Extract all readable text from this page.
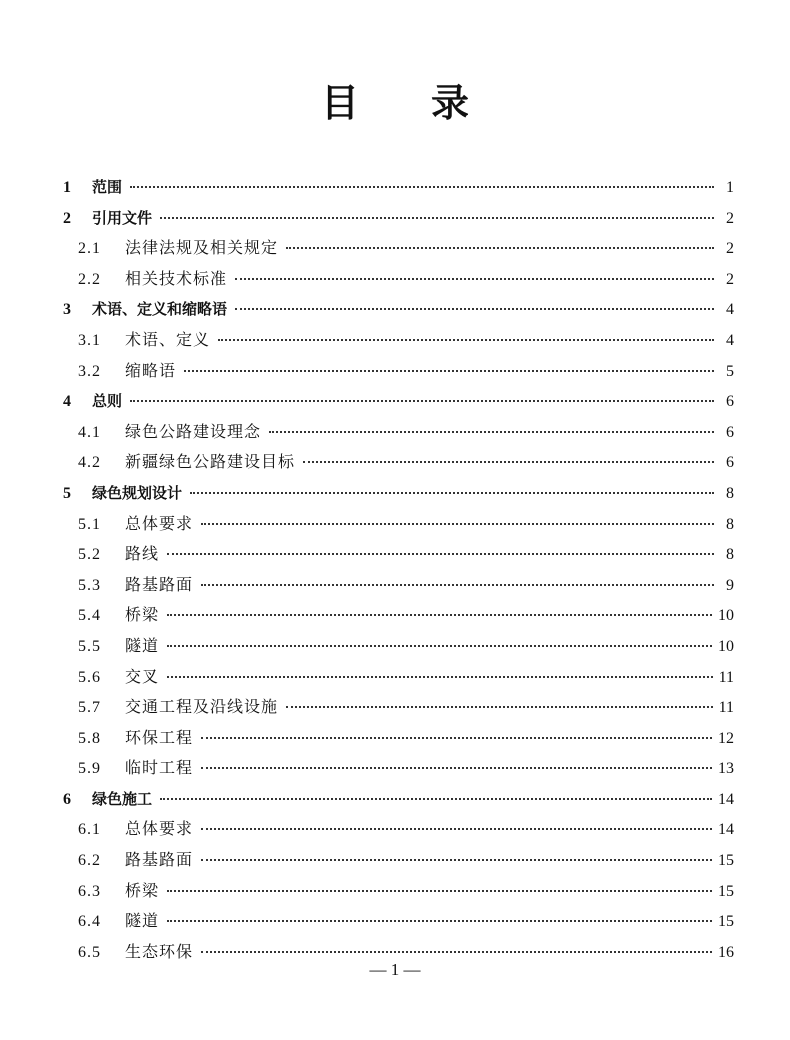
目 录
1	范围	1
2	引用文件	2
2.1	法律法规及相关规定	2
2.2	相关技术标准	2
3	术语、定义和缩略语	4
3.1	术语、定义	4
3.2	缩略语	5
4	总则	6
4.1	绿色公路建设理念	6
4.2	新疆绿色公路建设目标	6
5	绿色规划设计	8
5.1	总体要求	8
5.2	路线	8
5.3	路基路面	9
5.4	桥梁	10
5.5	隧道	10
5.6	交叉	11
5.7	交通工程及沿线设施	11
5.8	环保工程	12
5.9	临时工程	13
6	绿色施工	14
6.1	总体要求	14
6.2	路基路面	15
6.3	桥梁	15
6.4	隧道	15
6.5	生态环保	16
— 1 —
